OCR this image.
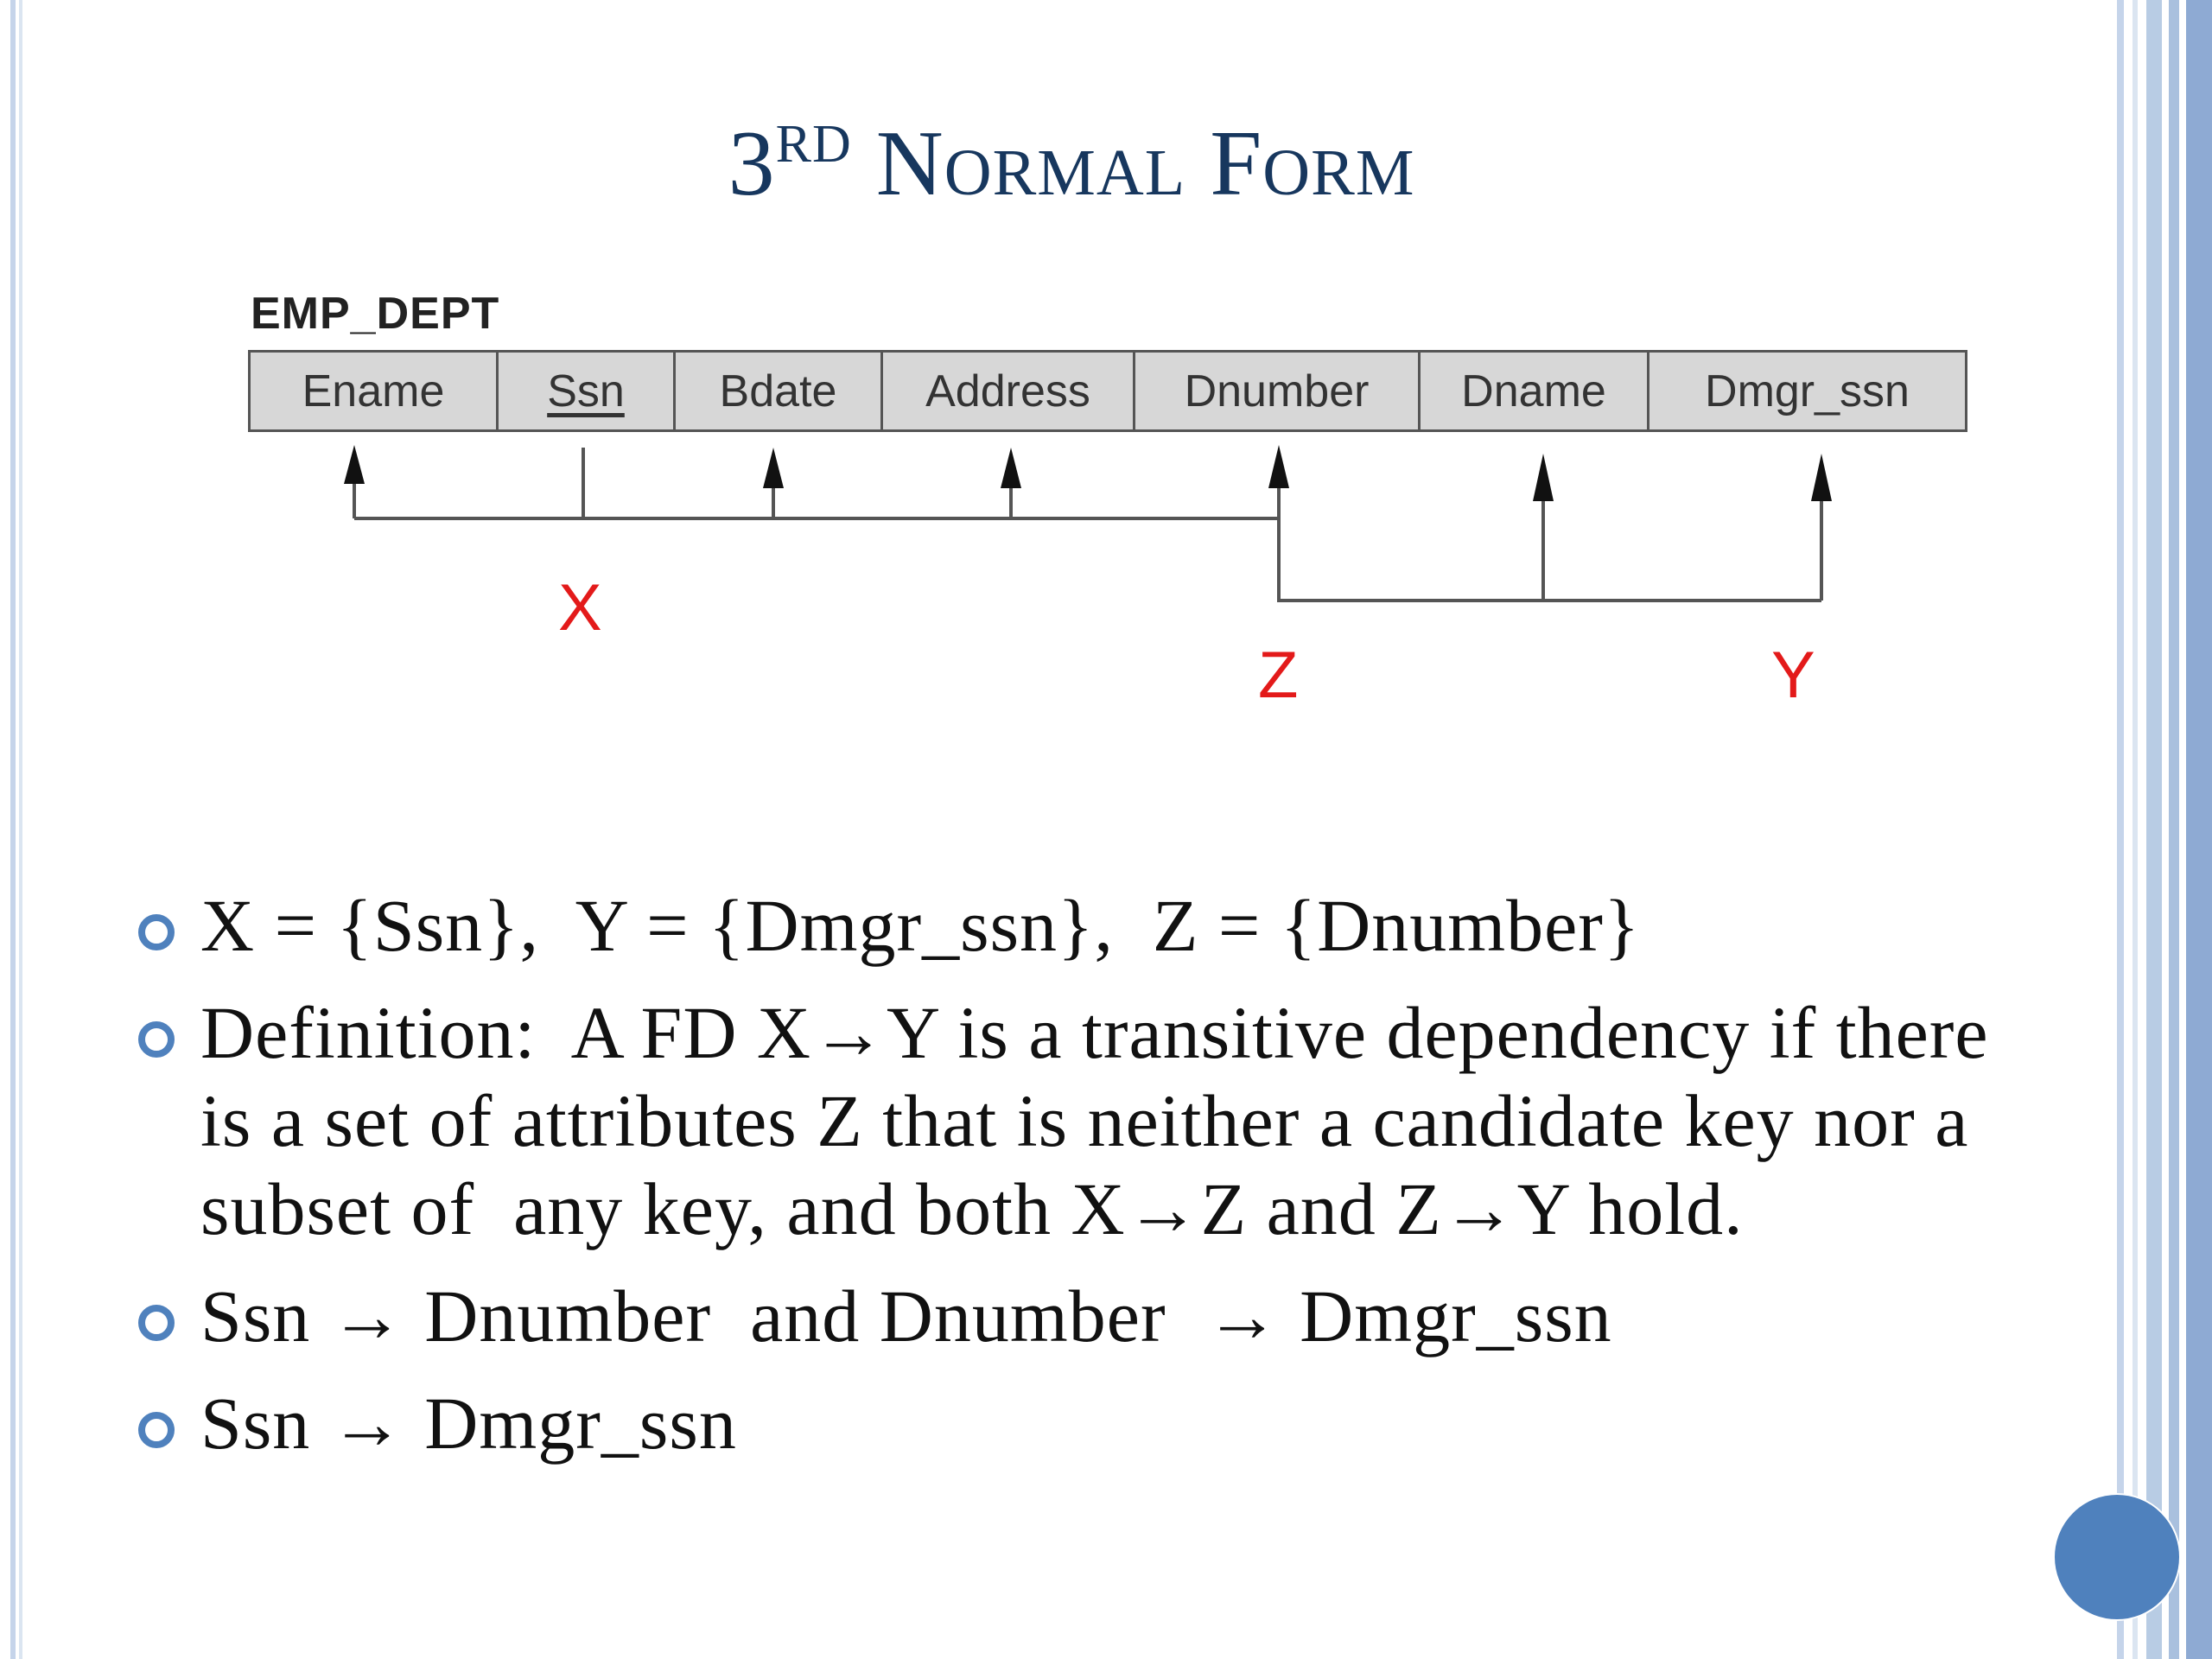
3RD Normal Form
EMP_DEPT
Ename Ssn Bdate Address Dnumber Dname Dmgr_ssn
X
Z	Y
X = {Ssn},  Y = {Dmgr_ssn},  Z = {Dnumber}
Definition:  A FD X→Y is a transitive dependency if there is a set of attributes Z that is neither a candidate key nor a subset of  any key, and both X→Z and Z→Y hold.
Ssn → Dnumber  and Dnumber  → Dmgr_ssn
Ssn → Dmgr_ssn
